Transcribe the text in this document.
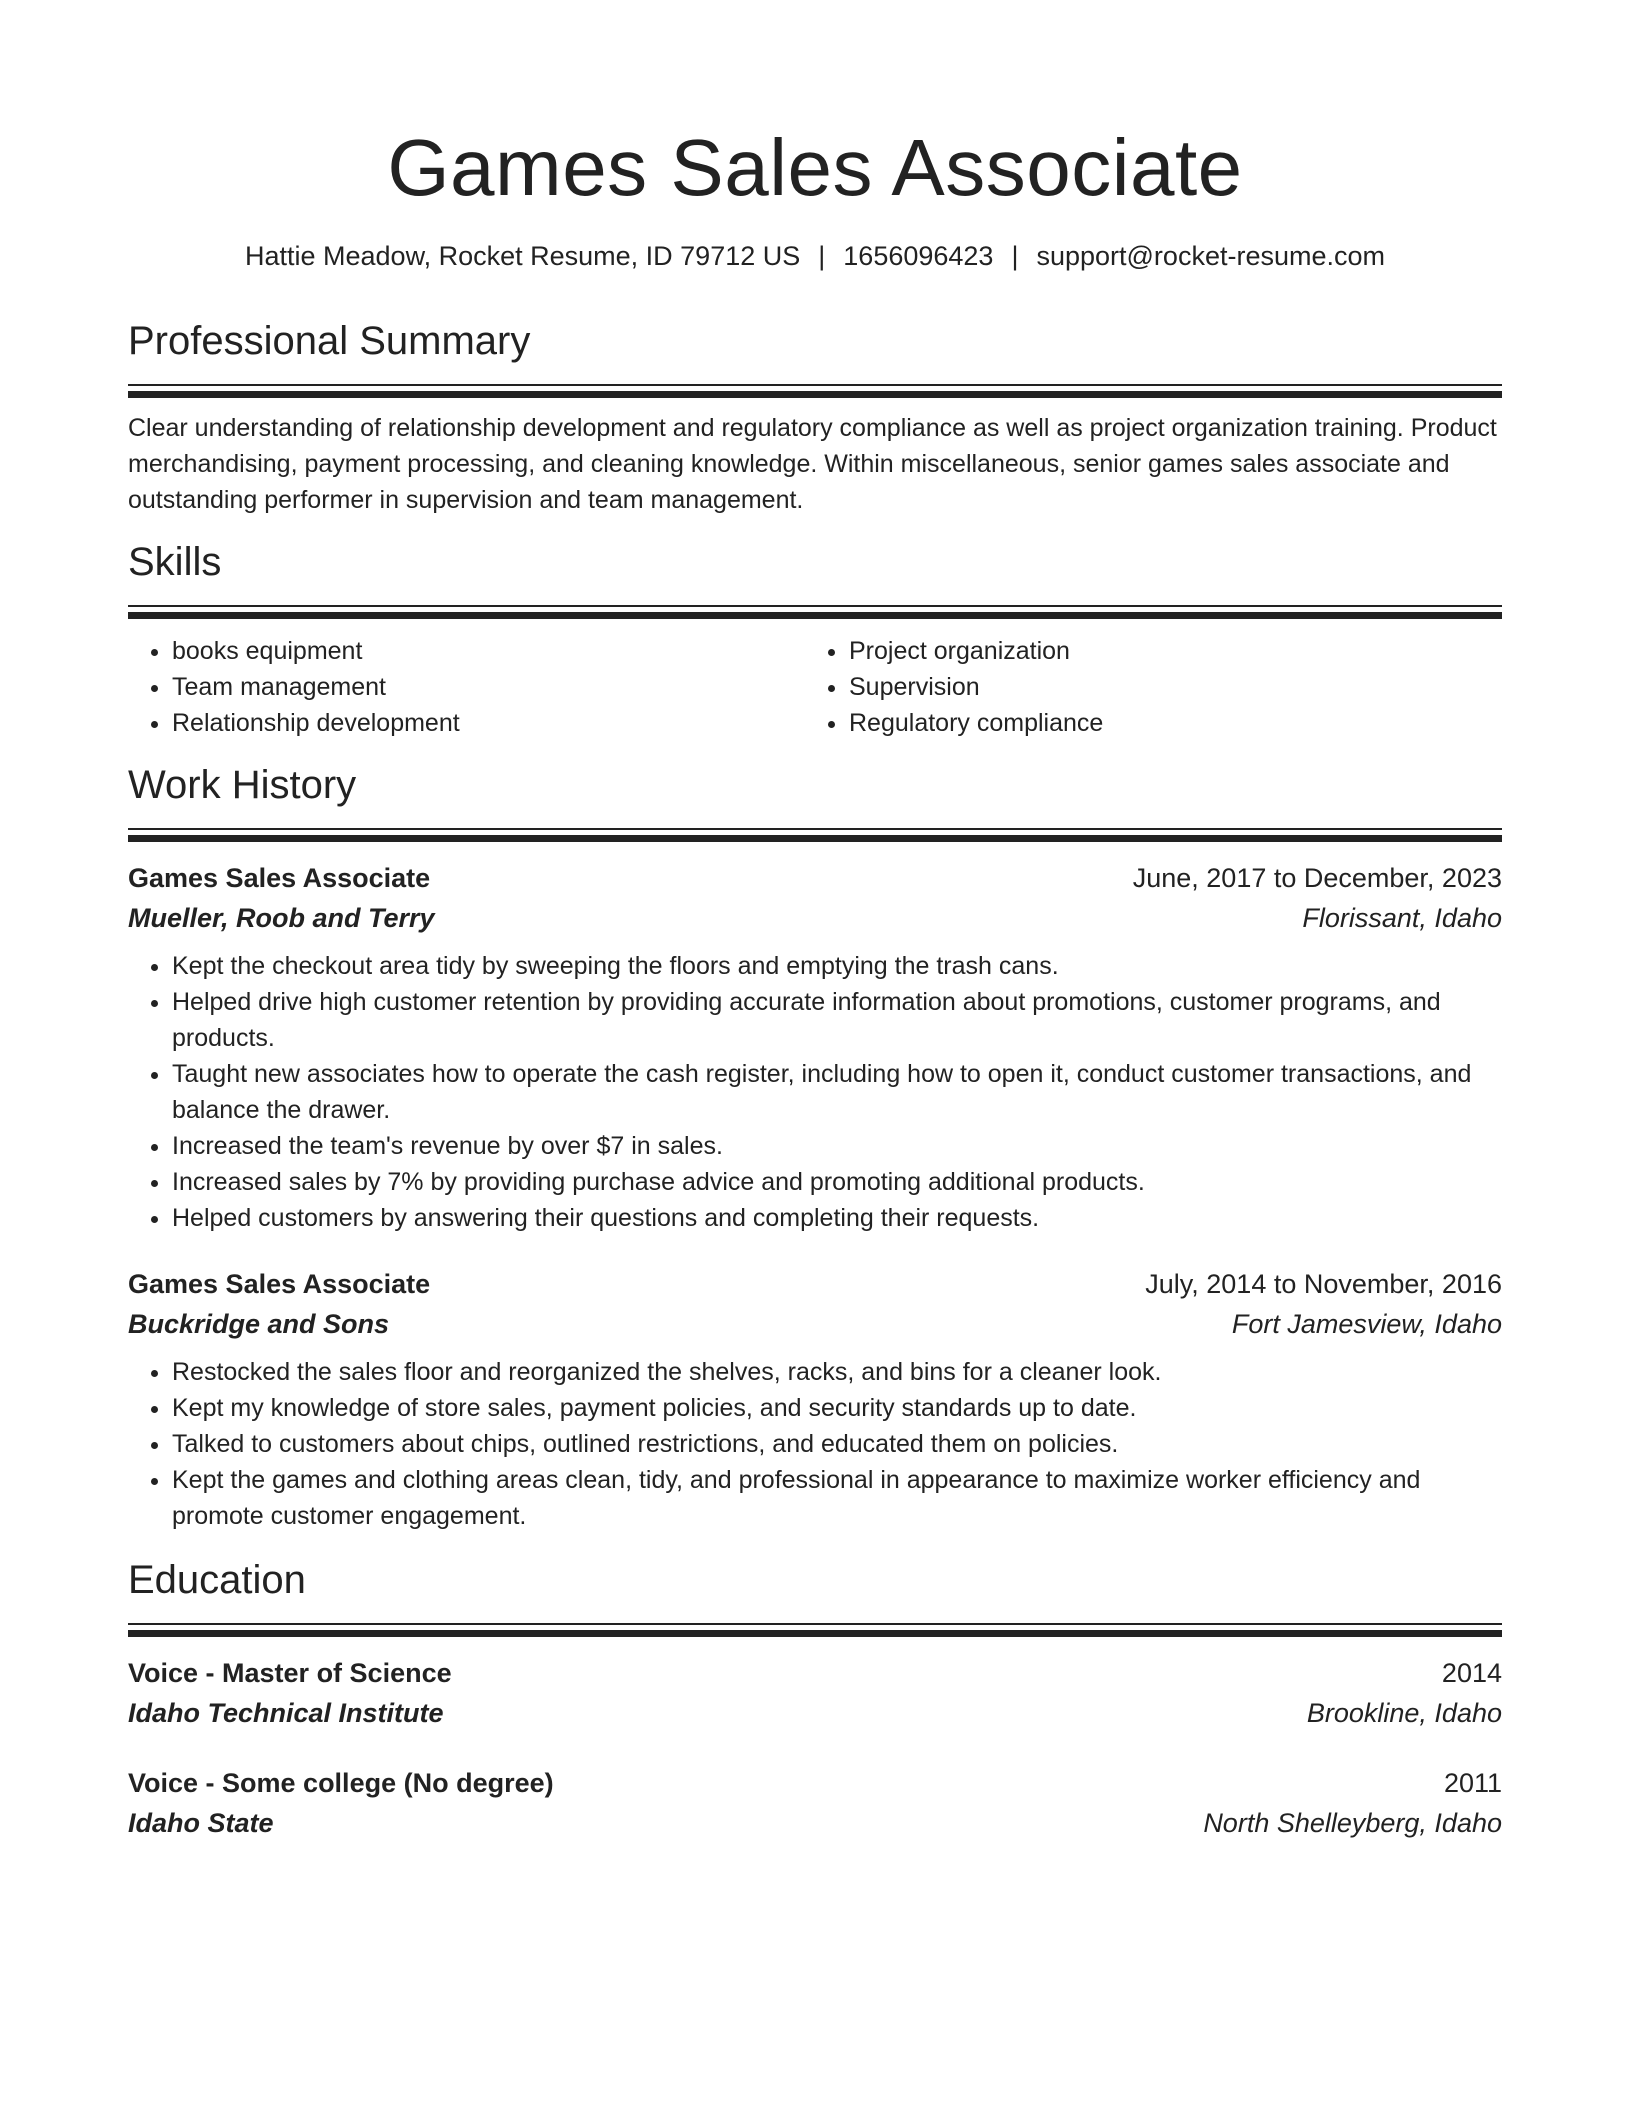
Games Sales Associate
Hattie Meadow, Rocket Resume, ID 79712 US | 1656096423 | support@rocket-resume.com
Professional Summary
Clear understanding of relationship development and regulatory compliance as well as project organization training. Product merchandising, payment processing, and cleaning knowledge. Within miscellaneous, senior games sales associate and outstanding performer in supervision and team management.
Skills
• books equipment
• Team management
• Relationship development
• Project organization
• Supervision
• Regulatory compliance
Work History
Games Sales Associate	June, 2017 to December, 2023
Mueller, Roob and Terry	Florissant, Idaho
• Kept the checkout area tidy by sweeping the floors and emptying the trash cans.
• Helped drive high customer retention by providing accurate information about promotions, customer programs, and products.
• Taught new associates how to operate the cash register, including how to open it, conduct customer transactions, and balance the drawer.
• Increased the team's revenue by over $7 in sales.
• Increased sales by 7% by providing purchase advice and promoting additional products.
• Helped customers by answering their questions and completing their requests.
Games Sales Associate	July, 2014 to November, 2016
Buckridge and Sons	Fort Jamesview, Idaho
• Restocked the sales floor and reorganized the shelves, racks, and bins for a cleaner look.
• Kept my knowledge of store sales, payment policies, and security standards up to date.
• Talked to customers about chips, outlined restrictions, and educated them on policies.
• Kept the games and clothing areas clean, tidy, and professional in appearance to maximize worker efficiency and promote customer engagement.
Education
Voice - Master of Science	2014
Idaho Technical Institute	Brookline, Idaho
Voice - Some college (No degree)	2011
Idaho State	North Shelleyberg, Idaho
